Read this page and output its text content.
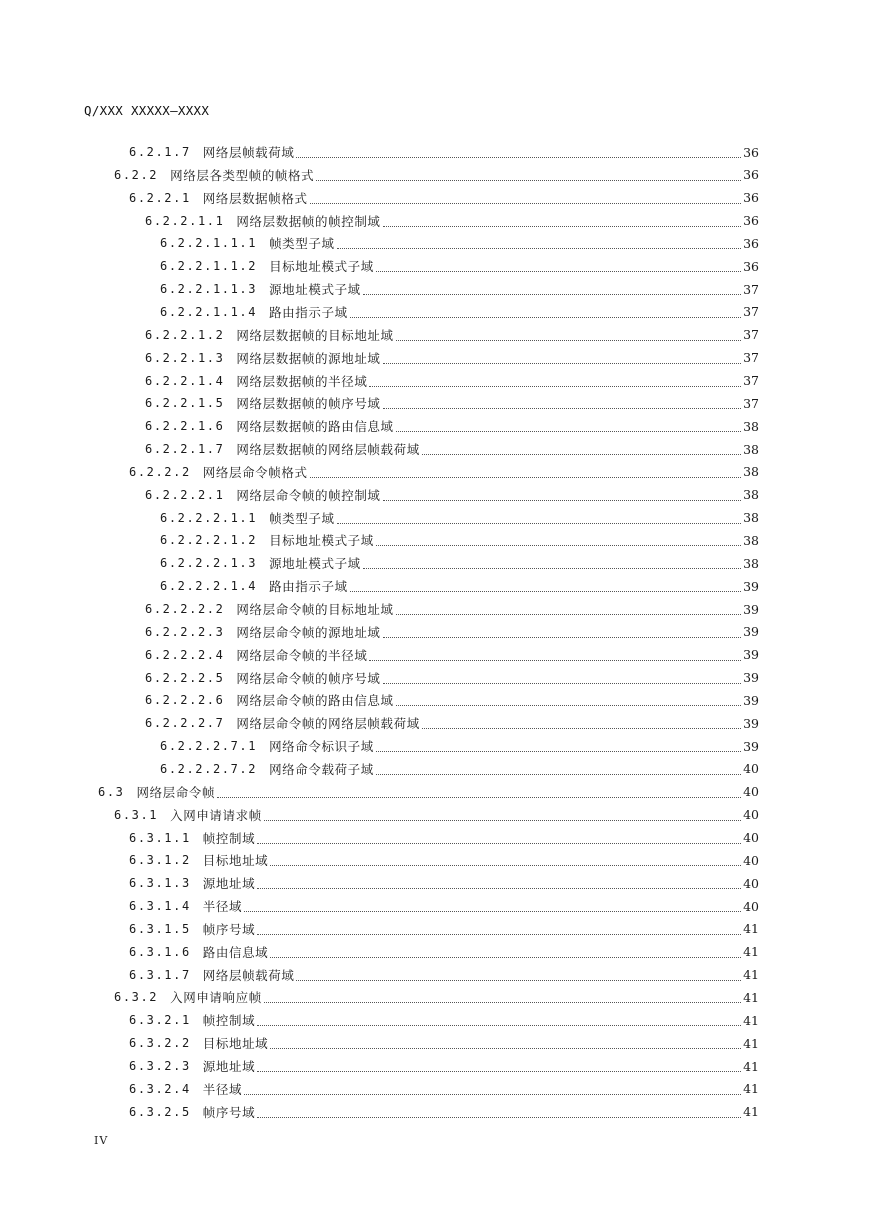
Q/XXX XXXXX—XXXX
6.2.1.7 网络层帧载荷域	36
6.2.2 网络层各类型帧的帧格式	36
6.2.2.1 网络层数据帧格式	36
6.2.2.1.1 网络层数据帧的帧控制域	36
6.2.2.1.1.1 帧类型子域	36
6.2.2.1.1.2 目标地址模式子域	36
6.2.2.1.1.3 源地址模式子域	37
6.2.2.1.1.4 路由指示子域	37
6.2.2.1.2 网络层数据帧的目标地址域	37
6.2.2.1.3 网络层数据帧的源地址域	37
6.2.2.1.4 网络层数据帧的半径域	37
6.2.2.1.5 网络层数据帧的帧序号域	37
6.2.2.1.6 网络层数据帧的路由信息域	38
6.2.2.1.7 网络层数据帧的网络层帧载荷域	38
6.2.2.2 网络层命令帧格式	38
6.2.2.2.1 网络层命令帧的帧控制域	38
6.2.2.2.1.1 帧类型子域	38
6.2.2.2.1.2 目标地址模式子域	38
6.2.2.2.1.3 源地址模式子域	38
6.2.2.2.1.4 路由指示子域	39
6.2.2.2.2 网络层命令帧的目标地址域	39
6.2.2.2.3 网络层命令帧的源地址域	39
6.2.2.2.4 网络层命令帧的半径域	39
6.2.2.2.5 网络层命令帧的帧序号域	39
6.2.2.2.6 网络层命令帧的路由信息域	39
6.2.2.2.7 网络层命令帧的网络层帧载荷域	39
6.2.2.2.7.1 网络命令标识子域	39
6.2.2.2.7.2 网络命令载荷子域	40
6.3 网络层命令帧	40
6.3.1 入网申请请求帧	40
6.3.1.1 帧控制域	40
6.3.1.2 目标地址域	40
6.3.1.3 源地址域	40
6.3.1.4 半径域	40
6.3.1.5 帧序号域	41
6.3.1.6 路由信息域	41
6.3.1.7 网络层帧载荷域	41
6.3.2 入网申请响应帧	41
6.3.2.1 帧控制域	41
6.3.2.2 目标地址域	41
6.3.2.3 源地址域	41
6.3.2.4 半径域	41
6.3.2.5 帧序号域	41
IV
